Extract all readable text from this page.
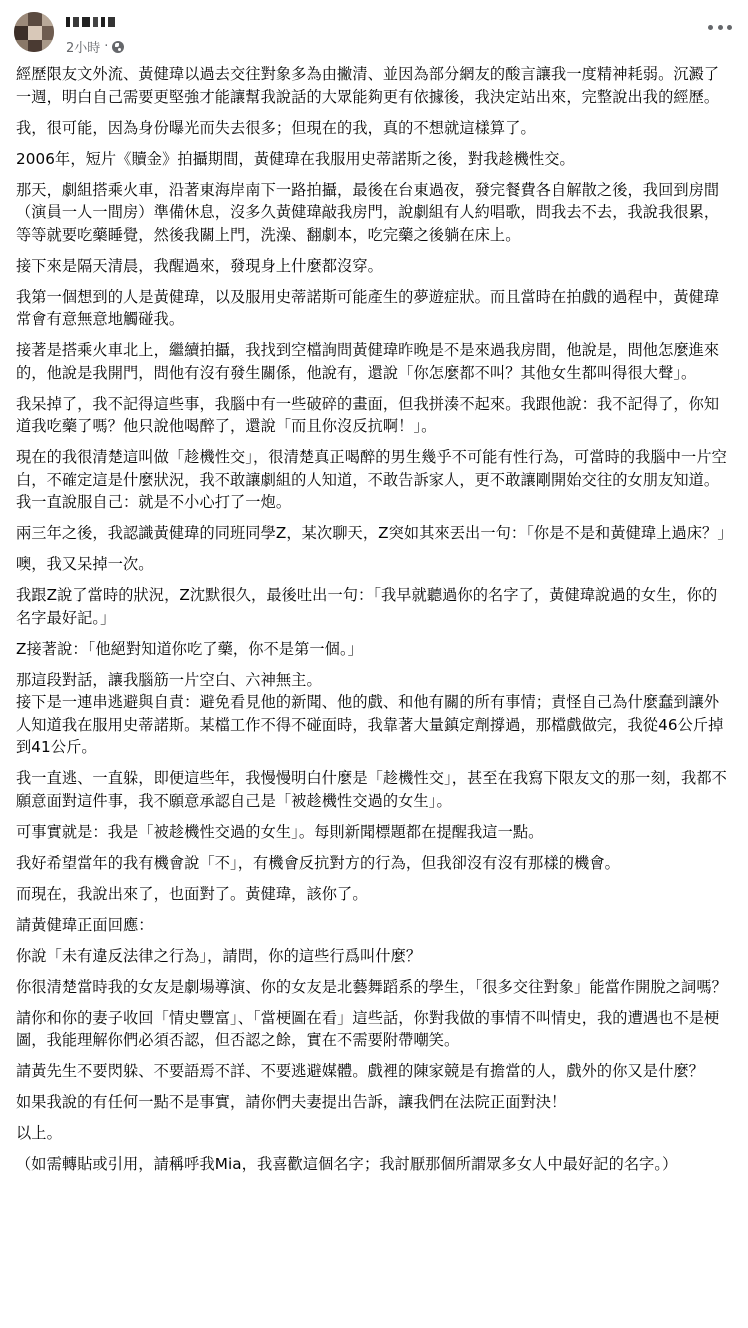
2小時 ·

經歷限友文外流、黃健瑋以過去交往對象多為由撇清、並因為部分網友的酸言讓我一度精神耗弱。沉澱了一週，明白自己需要更堅強才能讓幫我說話的大眾能夠更有依據後，我決定站出來，完整說出我的經歷。

我，很可能，因為身份曝光而失去很多；但現在的我，真的不想就這樣算了。

2006年，短片《贖金》拍攝期間，黃健瑋在我服用史蒂諾斯之後，對我趁機性交。

那天，劇組搭乘火車，沿著東海岸南下一路拍攝，最後在台東過夜，發完餐費各自解散之後，我回到房間（演員一人一間房）準備休息，沒多久黃健瑋敲我房門，說劇組有人約唱歌，問我去不去，我說我很累，等等就要吃藥睡覺，然後我關上門，洗澡、翻劇本，吃完藥之後躺在床上。

接下來是隔天清晨，我醒過來，發現身上什麼都沒穿。

我第一個想到的人是黃健瑋，以及服用史蒂諾斯可能產生的夢遊症狀。而且當時在拍戲的過程中，黃健瑋常會有意無意地觸碰我。

接著是搭乘火車北上，繼續拍攝，我找到空檔詢問黃健瑋昨晚是不是來過我房間，他說是，問他怎麼進來的，他說是我開門，問他有沒有發生關係，他說有，還說「你怎麼都不叫？其他女生都叫得很大聲」。

我呆掉了，我不記得這些事，我腦中有一些破碎的畫面，但我拼湊不起來。我跟他說：我不記得了，你知道我吃藥了嗎？他只說他喝醉了，還說「而且你沒反抗啊！」。

現在的我很清楚這叫做「趁機性交」，很清楚真正喝醉的男生幾乎不可能有性行為，可當時的我腦中一片空白，不確定這是什麼狀況，我不敢讓劇組的人知道，不敢告訴家人，更不敢讓剛開始交往的女朋友知道。我一直說服自己：就是不小心打了一炮。

兩三年之後，我認識黃健瑋的同班同學Z，某次聊天，Z突如其來丟出一句：「你是不是和黃健瑋上過床？」

噢，我又呆掉一次。

我跟Z說了當時的狀況，Z沈默很久，最後吐出一句：「我早就聽過你的名字了，黃健瑋說過的女生，你的名字最好記。」

Z接著說：「他絕對知道你吃了藥，你不是第一個。」

那這段對話，讓我腦筋一片空白、六神無主。
接下是一連串逃避與自責：避免看見他的新聞、他的戲、和他有關的所有事情；責怪自己為什麼蠢到讓外人知道我在服用史蒂諾斯。某檔工作不得不碰面時，我靠著大量鎮定劑撐過，那檔戲做完，我從46公斤掉到41公斤。

我一直逃、一直躲，即便這些年，我慢慢明白什麼是「趁機性交」，甚至在我寫下限友文的那一刻，我都不願意面對這件事，我不願意承認自己是「被趁機性交過的女生」。

可事實就是：我是「被趁機性交過的女生」。每則新聞標題都在提醒我這一點。

我好希望當年的我有機會說「不」，有機會反抗對方的行為，但我卻沒有沒有那樣的機會。

而現在，我說出來了，也面對了。黃健瑋，該你了。

請黃健瑋正面回應：

你說「未有違反法律之行為」，請問，你的這些行爲叫什麼？

你很清楚當時我的女友是劇場導演、你的女友是北藝舞蹈系的學生，「很多交往對象」能當作開脫之詞嗎？

請你和你的妻子收回「情史豐富」、「當梗圖在看」這些話，你對我做的事情不叫情史，我的遭遇也不是梗圖，我能理解你們必須否認，但否認之餘，實在不需要附帶嘲笑。

請黃先生不要閃躲、不要語焉不詳、不要逃避媒體。戲裡的陳家競是有擔當的人，戲外的你又是什麼？

如果我說的有任何一點不是事實，請你們夫妻提出告訴，讓我們在法院正面對決！

以上。

（如需轉貼或引用，請稱呼我Mia，我喜歡這個名字；我討厭那個所謂眾多女人中最好記的名字。）
